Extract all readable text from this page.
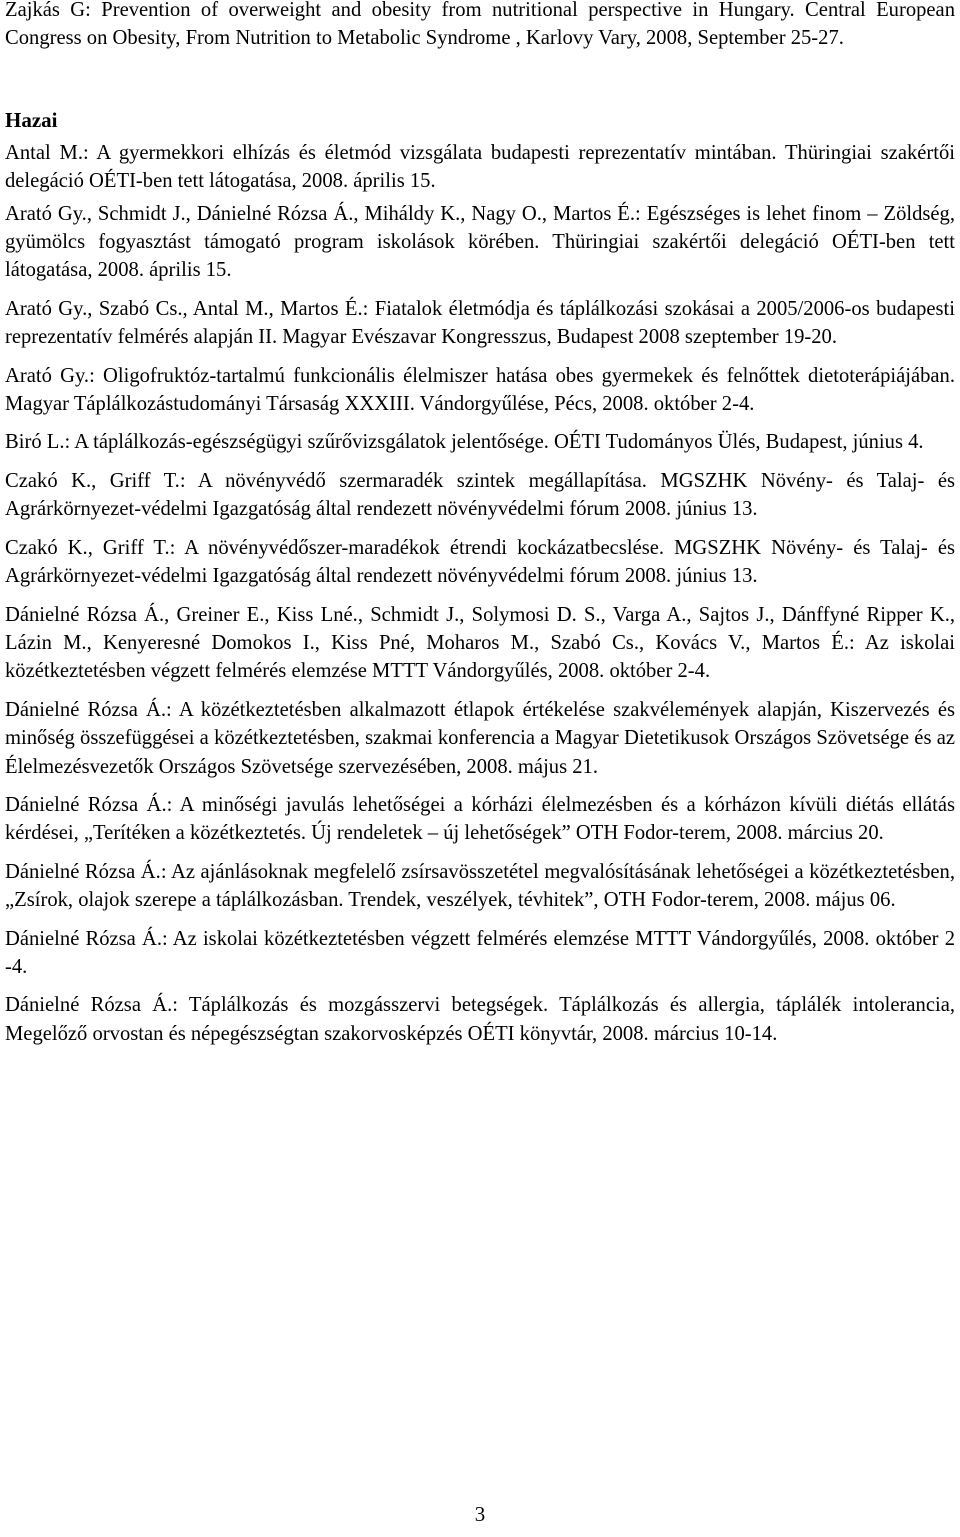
Zajkás G: Prevention of overweight and obesity from nutritional perspective in Hungary. Central European Congress on Obesity, From Nutrition to Metabolic Syndrome , Karlovy Vary, 2008, September 25-27.

Hazai

Antal M.: A gyermekkori elhízás és életmód vizsgálata budapesti reprezentatív mintában. Thüringiai szakértői delegáció OÉTI-ben tett látogatása, 2008. április 15.

Arató Gy., Schmidt J., Dánielné Rózsa Á., Miháldy K., Nagy O., Martos É.: Egészséges is lehet finom – Zöldség, gyümölcs fogyasztást támogató program iskolások körében. Thüringiai szakértői delegáció OÉTI-ben tett látogatása, 2008. április 15.

Arató Gy., Szabó Cs., Antal M., Martos É.: Fiatalok életmódja és táplálkozási szokásai a 2005/2006-os budapesti reprezentatív felmérés alapján II. Magyar Evészavar Kongresszus, Budapest 2008 szeptember 19-20.

Arató Gy.: Oligofruktóz-tartalmú funkcionális élelmiszer hatása obes gyermekek és felnőttek dietoterápiájában. Magyar Táplálkozástudományi Társaság XXXIII. Vándorgyűlése, Pécs, 2008. október 2-4.

Biró L.: A táplálkozás-egészségügyi szűrővizsgálatok jelentősége. OÉTI Tudományos Ülés, Budapest, június 4.

Czakó K., Griff T.: A növényvédő szermaradék szintek megállapítása. MGSZHK Növény- és Talaj- és Agrárkörnyezet-védelmi Igazgatóság által rendezett növényvédelmi fórum 2008. június 13.

Czakó K., Griff T.: A növényvédőszer-maradékok étrendi kockázatbecslése. MGSZHK Növény- és Talaj- és Agrárkörnyezet-védelmi Igazgatóság által rendezett növényvédelmi fórum 2008. június 13.

Dánielné Rózsa Á., Greiner E., Kiss Lné., Schmidt J., Solymosi D. S., Varga A., Sajtos J., Dánffyné Ripper K., Lázin M., Kenyeresné Domokos I., Kiss Pné, Moharos M., Szabó Cs., Kovács V., Martos É.: Az iskolai közétkeztetésben végzett felmérés elemzése MTTT Vándorgyűlés, 2008. október 2-4.

Dánielné Rózsa Á.: A közétkeztetésben alkalmazott étlapok értékelése szakvélemények alapján, Kiszervezés és minőség összefüggései a közétkeztetésben, szakmai konferencia a Magyar Dietetikusok Országos Szövetsége és az Élelmezésvezetők Országos Szövetsége szervezésében, 2008. május 21.

Dánielné Rózsa Á.: A minőségi javulás lehetőségei a kórházi élelmezésben és a kórházon kívüli diétás ellátás kérdései, „Terítéken a közétkeztetés. Új rendeletek – új lehetőségek” OTH Fodor-terem, 2008. március 20.

Dánielné Rózsa Á.: Az ajánlásoknak megfelelő zsírsavösszetétel megvalósításának lehetőségei a közétkeztetésben, „Zsírok, olajok szerepe a táplálkozásban. Trendek, veszélyek, tévhitek”, OTH Fodor-terem, 2008. május 06.

Dánielné Rózsa Á.: Az iskolai közétkeztetésben végzett felmérés elemzése MTTT Vándorgyűlés, 2008. október 2 -4.

Dánielné Rózsa Á.: Táplálkozás és mozgásszervi betegségek. Táplálkozás és allergia, táplálék intolerancia, Megelőző orvostan és népegészségtan szakorvosképzés OÉTI könyvtár, 2008. március 10-14.

3
